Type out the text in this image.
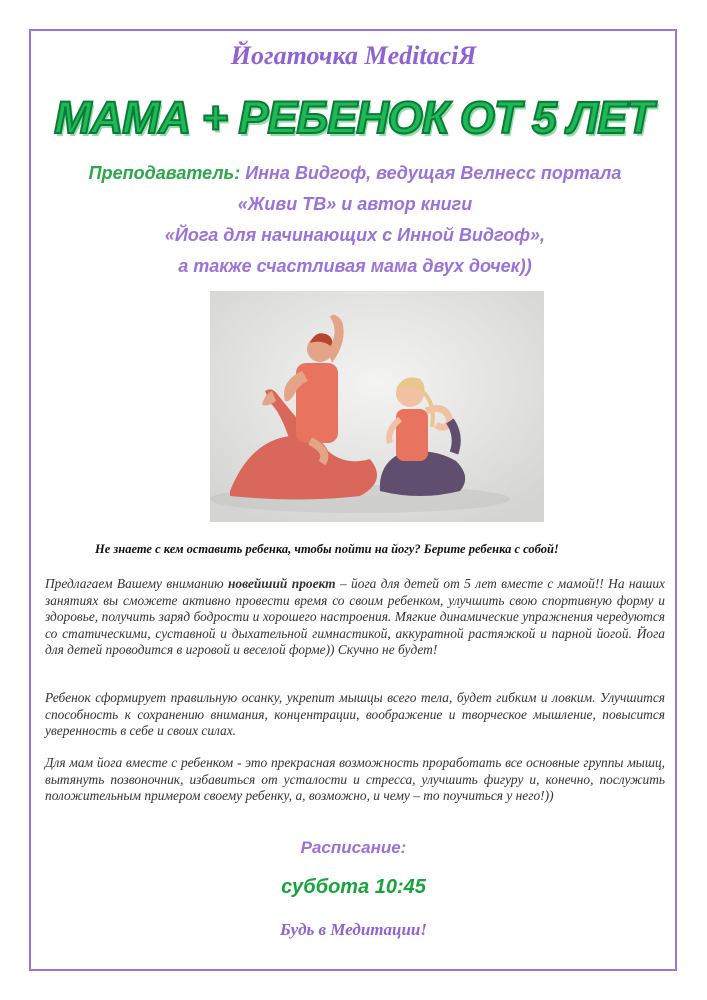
Йогаточка MeditacіЯ
МАМА + РЕБЕНОК ОТ 5 ЛЕТ
Преподаватель: Инна Видгоф, ведущая Велнесс портала
«Живи ТВ» и автор книги
«Йога для начинающих с Инной Видгоф»,
а также счастливая мама двух дочек))
Не знаете с кем оставить ребенка, чтобы пойти на йогу? Берите ребенка с собой!

Предлагаем Вашему вниманию новейший проект – йога для детей от 5 лет вместе с мамой!! На наших занятиях вы сможете активно провести время со своим ребенком, улучшить свою спортивную форму и здоровье, получить заряд бодрости и хорошего настроения. Мягкие динамические упражнения чередуются со статическими, суставной и дыхательной гимнастикой, аккуратной растяжкой и парной йогой. Йога для детей проводится в игровой и веселой форме)) Скучно не будет!

Ребенок сформирует правильную осанку, укрепит мышцы всего тела, будет гибким и ловким. Улучшится способность к сохранению внимания, концентрации, воображение и творческое мышление, повысится уверенность в себе и своих силах.

Для мам йога вместе с ребенком - это прекрасная возможность проработать все основные группы мышц, вытянуть позвоночник, избавиться от усталости и стресса, улучшить фигуру и, конечно, послужить положительным примером своему ребенку, а, возможно, и чему – то поучиться у него!))

Расписание:
суббота 10:45
Будь в Медитации!
